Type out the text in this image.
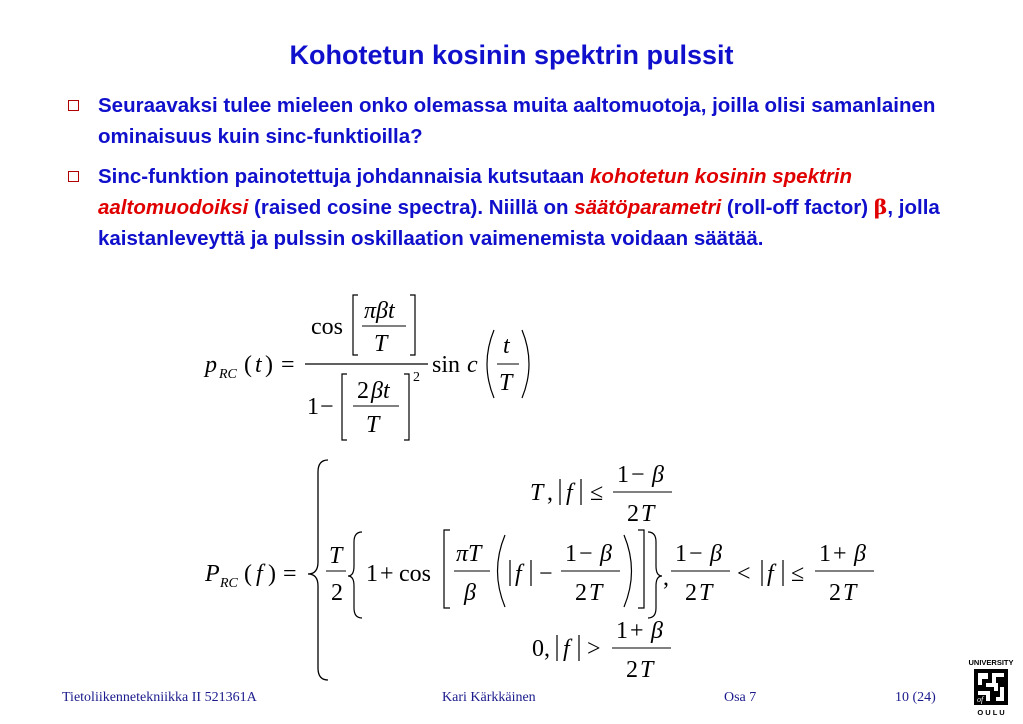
Kohotetun kosinin spektrin pulssit
Seuraavaksi tulee mieleen onko olemassa muita aaltomuotoja, joilla olisi samanlainen ominaisuus kuin sinc-funktioilla?
Sinc-funktion painotettuja johdannaisia kutsutaan kohotetun kosinin spektrin aaltomuodoiksi (raised cosine spectra). Niillä on säätöparametri (roll-off factor) β, jolla kaistanleveyttä ja pulssin oskillaation vaimenemista voidaan säätää.
p RC ( t ) =
cos
πβt
T
1 −
2 βt
T
2 sin c
t
T
P RC ( f ) =
T , f ≤
1 − β
2 T
T
2
1 + cos
πT
β
f −
1 − β
2 T
,
1 − β
2 T
< f ≤
1 + β
2 T
0, f >
1 + β
2 T
Tietoliikennetekniikka II 521361A	Kari Kärkkäinen	Osa 7	10 (24)
UNIVERSITY
of
O U L U
